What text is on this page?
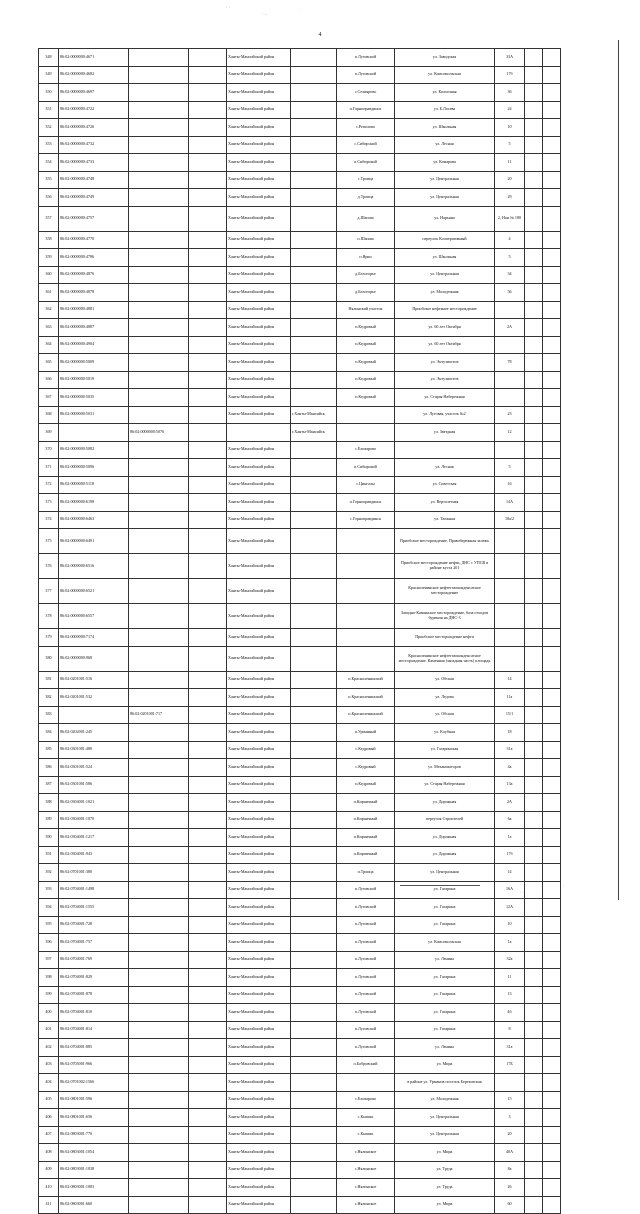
4
· ·
· ..
·
. .
. ·
348	86:02:0000000:4671			Ханты-Мансийский район		п.Луговской	ул. Заводская	33А		
349	86:02:0000000:4682			Ханты-Мансийский район		п.Луговской	ул. Комсомольская	17б		
350	86:02:0000000:4697			Ханты-Мансийский район		с.Селиярово	ул. Колхозная	36		
351	86:02:0000000:4722			Ханты-Мансийский район		п.Горноправдинск	ул. Б.Лосева	24		
352	86:02:0000000:4726			Ханты-Мансийский район		с.Реполово	ул. Школьная	10		
353	86:02:0000000:4732			Ханты-Мансийский район		с.Сибирский	ул. Лесная	5		
354	86:02:0000000:4733			Ханты-Мансийский район		п.Сибирский	ул. Комарова	11		
355	86:02:0000000:4748			Ханты-Мансийский район		с.Троица	ул. Центральная	20		
356	86:02:0000000:4749			Ханты-Мансийский район		д.Троица	ул. Центральная	29		
357	86:02:0000000:4757			Ханты-Мансийский район		д.Шапша	ул. Нарьяна	2, Нан № 180		
358	86:02:0000000:4770			Ханты-Мансийский район		п.Шапша	переулок Кооперативный	4		
359	86:02:0000000:4786			Ханты-Мансийский район		п.Ярки	ул. Школьная	5		
360	86:02:0000000:4876			Ханты-Мансийский район		д.Белогорье	ул. Центральная	34		
361	86:02:0000000:4878			Ханты-Мансийский район		д.Белогорье	ул. Молодежная	56		
362	86:02:0000000:4881			Ханты-Мансийский район		Нялинский участок	Приобское нефтяное месторождение			
363	86:02:0000000:4887			Ханты-Мансийский район		п.Кедровый	ул. 60 лет Октября	2А		
364	86:02:0000000:4904			Ханты-Мансийский район		п.Кедровый	ул. 60 лет Октября			
365	86:02:0000000:5009			Ханты-Мансийский район		п.Кедровый	ул. Энтузиастов	78		
366	86:02:0000000:5019			Ханты-Мансийский район		п.Кедровый	ул. Энтузиастов			
367	86:02:0000000:5035			Ханты-Мансийский район		п.Кедровый	ул. Старая Набережная			
368	86:02:0000000:5031			Ханты-Мансийский район	г.Ханты-Мансийск		ул. Луговая, участок №2	23		
369		86:02:0000000:5076			г.Ханты-Мансийск		ул. Звездная	12		
370	86:02:0000000:5082			Ханты-Мансийский район		с.Елизарово				
371	86:02:0000000:5096			Ханты-Мансийский район		п.Сибирский	ул. Лесная	5		
372	86:02:0000000:5118			Ханты-Мансийский район		с.Цингалы	ул. Советская	16		
373	86:02:0000000:6198			Ханты-Мансийский район		п.Горноправдинск	ул. Вертолетная	14А		
374	86:02:0000000:6463			Ханты-Мансийский район		с.Горноправдинск	ул. Таежная	18а/2		
375	86:02:0000000:6491			Ханты-Мансийский район			Приобское месторождение, Правобережная залежь			
376	86:02:0000000:6516			Ханты-Мансийский район			Приобское месторождение нефти, ДНС с УПСВ в районе куста 201			
377	86:02:0000000:6521			Ханты-Мансийский район			Красноленинское нефтегазоконденсатное месторождение			
378	86:02:0000000:6557			Ханты-Мансийский район			Западно-Камынское месторождение, база отходов бурения на ДНС-3			
379	86:02:0000000:7174			Ханты-Мансийский район			Приобское месторождение нефти			
380	86:02:0000000:968			Ханты-Мансийский район			Красноленинское нефтегазоконденсатное месторождение. Каменная (западная часть) площадь			
381	86:02:0201001:516			Ханты-Мансийский район		п.Красноленинский	ул. Обская	14		
382	86:02:0201001:532			Ханты-Мансийский район		п.Красноленинский	ул. Ледова	11а		
383		86:02:0201001:717		Ханты-Мансийский район		п.Красноленинский	ул. Обская	15/1		
384	86:02:0202001:245			Ханты-Мансийский район		п.Урманный	ул. Клубная	18		
385	86:02:0301001:480			Ханты-Мансийский район		с.Кедровый	ул. Гагаринская	31а		
386	86:02:0301001:524			Ханты-Мансийский район		с.Кедровый	ул. Механизаторов	4а		
387	86:02:0301001:586			Ханты-Мансийский район		п.Кедровый	ул. Старая Набережная	13а		
388	86:02:0304001:1021			Ханты-Мансийский район		п.Кирпичный	ул. Дорожная	2А		
389	86:02:0304001:1070			Ханты-Мансийский район		п.Кирпичный	переулок Строителей	6а		
390	86:02:0304001:1217			Ханты-Мансийский район		п.Кирпичный	ул. Дорожная	1а		
391	86:02:0304001:943			Ханты-Мансийский район		п.Кирпичный	ул. Дорожная	17б		
392	86:02:0701001:380			Ханты-Мансийский район		п.Троица	ул. Центральная	14		
393	86:02:0704001:1498			Ханты-Мансийский район		п.Луговской	ул. Гагарина	16А		
394	86:02:0704001:1555			Ханты-Мансийский район		п.Луговской	ул. Гагарина	12А		
395	86:02:0704001:728			Ханты-Мансийский район		п.Луговской	ул. Гагарина	10		
396	86:02:0704001:757			Ханты-Мансийский район		п.Луговской	ул. Комсомольская	1а		
397	86:02:0704001:769			Ханты-Мансийский район		п.Луговской	ул. Ленина	32а		
398	86:02:0704001:829			Ханты-Мансийский район		п.Луговской	ул. Гагарина	11		
399	86:02:0704001:878			Ханты-Мансийский район		п.Луговской	ул. Гагарина	13		
400	86:02:0704001:810			Ханты-Мансийский район		п.Луговской	ул. Гагарина	4б		
401	86:02:0704001:814			Ханты-Мансийский район		п.Луговской	ул. Гагарина	8		
402	86:02:0704001:885			Ханты-Мансийский район		п.Луговской	ул. Ленина	31а		
403	86:02:0705001:966			Ханты-Мансийский район		п.Бобровский	ул. Мира	17Б		
404	86:02:0701002:1566			Ханты-Мансийский район			в районе ул. Урманов поселок Березовская			
405	86:02:0801001:596			Ханты-Мансийский район		с.Елизарово	ул. Молодежная	15		
406	86:02:0801001:656			Ханты-Мансийский район		с.Кышик	ул. Центральная	3		
407	86:02:0803001:770			Ханты-Мансийский район		с.Кышик	ул. Центральная	20		
408	86:02:0803001:1054			Ханты-Мансийский район		с.Нялинское	ул. Мира	40А		
409	86:02:0803001:1038			Ханты-Мансийский район		с.Нялинское	ул. Труда	8а		
410	86:02:0803001:1083			Ханты-Мансийский район		с.Нялинское	ул. Труда	26		
411	86:02:0803001:660			Ханты-Мансийский район		с.Нялинское	ул. Мира	60		
